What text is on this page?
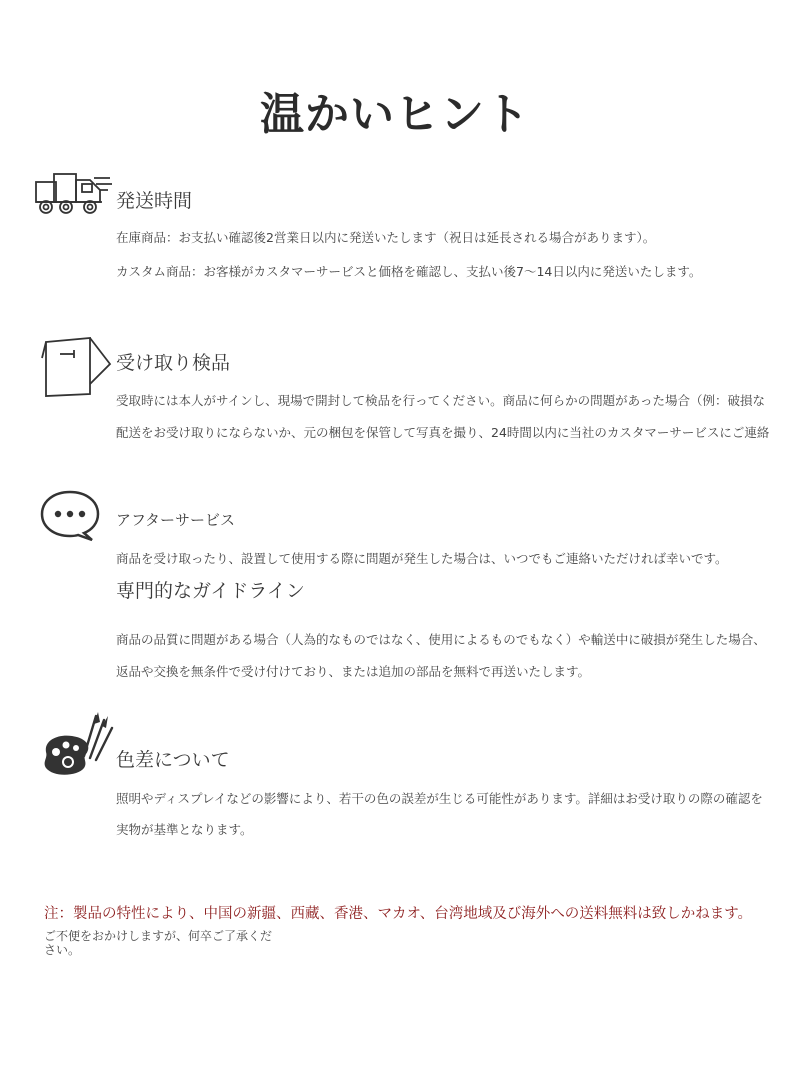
温かいヒント
発送時間
在庫商品：お支払い確認後2営業日以内に発送いたします（祝日は延長される場合があります）。
カスタム商品：お客様がカスタマーサービスと価格を確認し、支払い後7〜14日以内に発送いたします。
受け取り検品
受取時には本人がサインし、現場で開封して検品を行ってください。商品に何らかの問題があった場合（例：破損な
配送をお受け取りにならないか、元の梱包を保管して写真を撮り、24時間以内に当社のカスタマーサービスにご連絡
アフターサービス
商品を受け取ったり、設置して使用する際に問題が発生した場合は、いつでもご連絡いただければ幸いです。
専門的なガイドライン
商品の品質に問題がある場合（人為的なものではなく、使用によるものでもなく）や輸送中に破損が発生した場合、
返品や交換を無条件で受け付けており、または追加の部品を無料で再送いたします。
色差について
照明やディスプレイなどの影響により、若干の色の誤差が生じる可能性があります。詳細はお受け取りの際の確認を
実物が基準となります。
注：製品の特性により、中国の新疆、西藏、香港、マカオ、台湾地域及び海外への送料無料は致しかねます。
ご不便をおかけしますが、何卒ご了承ください。
